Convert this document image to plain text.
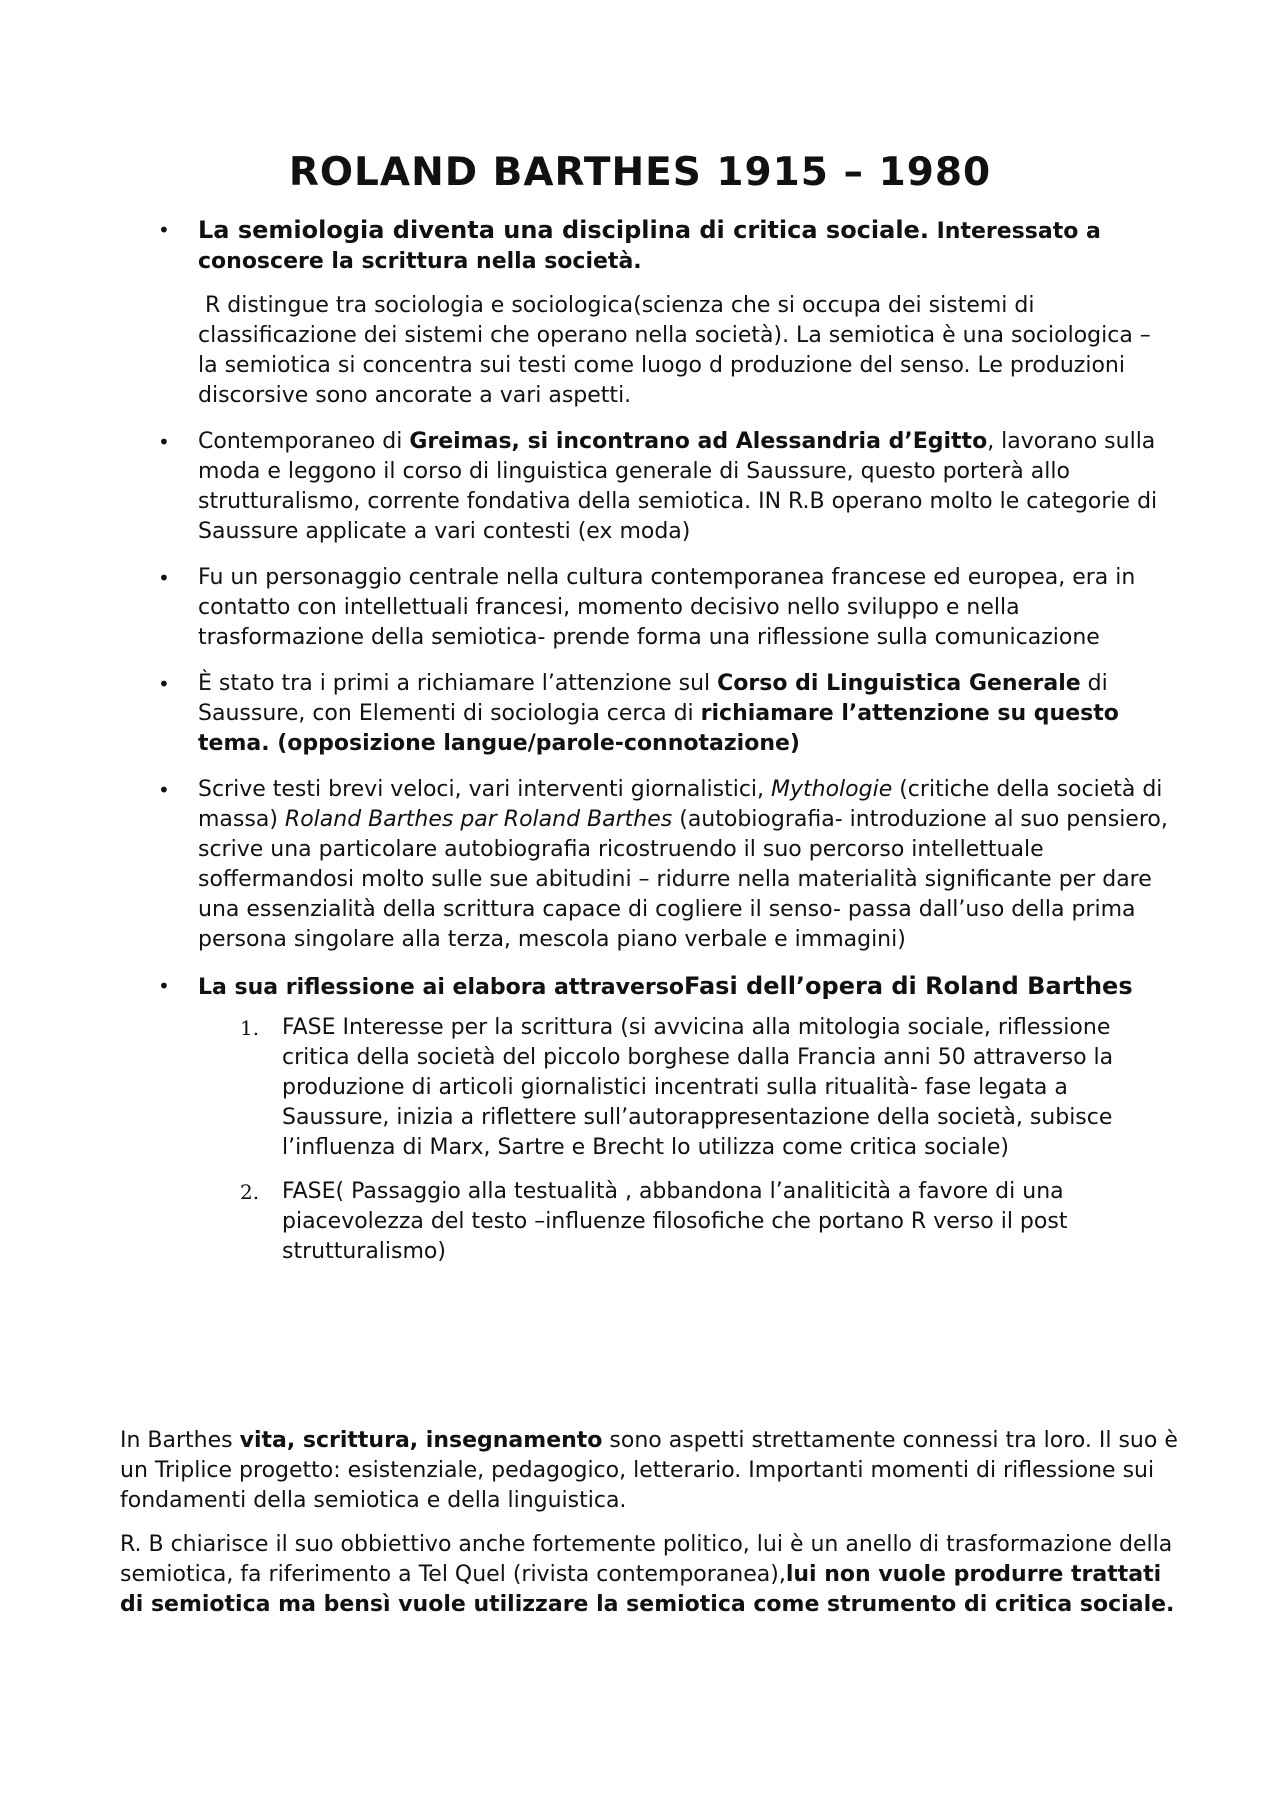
ROLAND BARTHES 1915 – 1980
• La semiologia diventa una disciplina di critica sociale. Interessato a conoscere la scrittura nella società.

R distingue tra sociologia e sociologica(scienza che si occupa dei sistemi di classificazione dei sistemi che operano nella società). La semiotica è una sociologica – la semiotica si concentra sui testi come luogo d produzione del senso. Le produzioni discorsive sono ancorate a vari aspetti.

• Contemporaneo di Greimas, si incontrano ad Alessandria d’Egitto, lavorano sulla moda e leggono il corso di linguistica generale di Saussure, questo porterà allo strutturalismo, corrente fondativa della semiotica. IN R.B operano molto le categorie di Saussure applicate a vari contesti (ex moda)

• Fu un personaggio centrale nella cultura contemporanea francese ed europea, era in contatto con intellettuali francesi, momento decisivo nello sviluppo e nella trasformazione della semiotica- prende forma una riflessione sulla comunicazione

• È stato tra i primi a richiamare l’attenzione sul Corso di Linguistica Generale di Saussure, con Elementi di sociologia cerca di richiamare l’attenzione su questo tema. (opposizione langue/parole-connotazione)

• Scrive testi brevi veloci, vari interventi giornalistici, Mythologie (critiche della società di massa) Roland Barthes par Roland Barthes (autobiografia- introduzione al suo pensiero, scrive una particolare autobiografia ricostruendo il suo percorso intellettuale soffermandosi molto sulle sue abitudini – ridurre nella materialità significante per dare una essenzialità della scrittura capace di cogliere il senso- passa dall’uso della prima persona singolare alla terza, mescola piano verbale e immagini)

• La sua riflessione ai elabora attraversoFasi dell’opera di Roland Barthes

1. FASE Interesse per la scrittura (si avvicina alla mitologia sociale, riflessione critica della società del piccolo borghese dalla Francia anni 50 attraverso la produzione di articoli giornalistici incentrati sulla ritualità- fase legata a Saussure, inizia a riflettere sull’autorappresentazione della società, subisce l’influenza di Marx, Sartre e Brecht lo utilizza come critica sociale)
2. FASE( Passaggio alla testualità , abbandona l’analiticità a favore di una piacevolezza del testo –influenze filosofiche che portano R verso il post strutturalismo)

In Barthes vita, scrittura, insegnamento sono aspetti strettamente connessi tra loro. Il suo è un Triplice progetto: esistenziale, pedagogico, letterario. Importanti momenti di riflessione sui fondamenti della semiotica e della linguistica.

R. B chiarisce il suo obbiettivo anche fortemente politico, lui è un anello di trasformazione della semiotica, fa riferimento a Tel Quel (rivista contemporanea),lui non vuole produrre trattati di semiotica ma bensì vuole utilizzare la semiotica come strumento di critica sociale.
